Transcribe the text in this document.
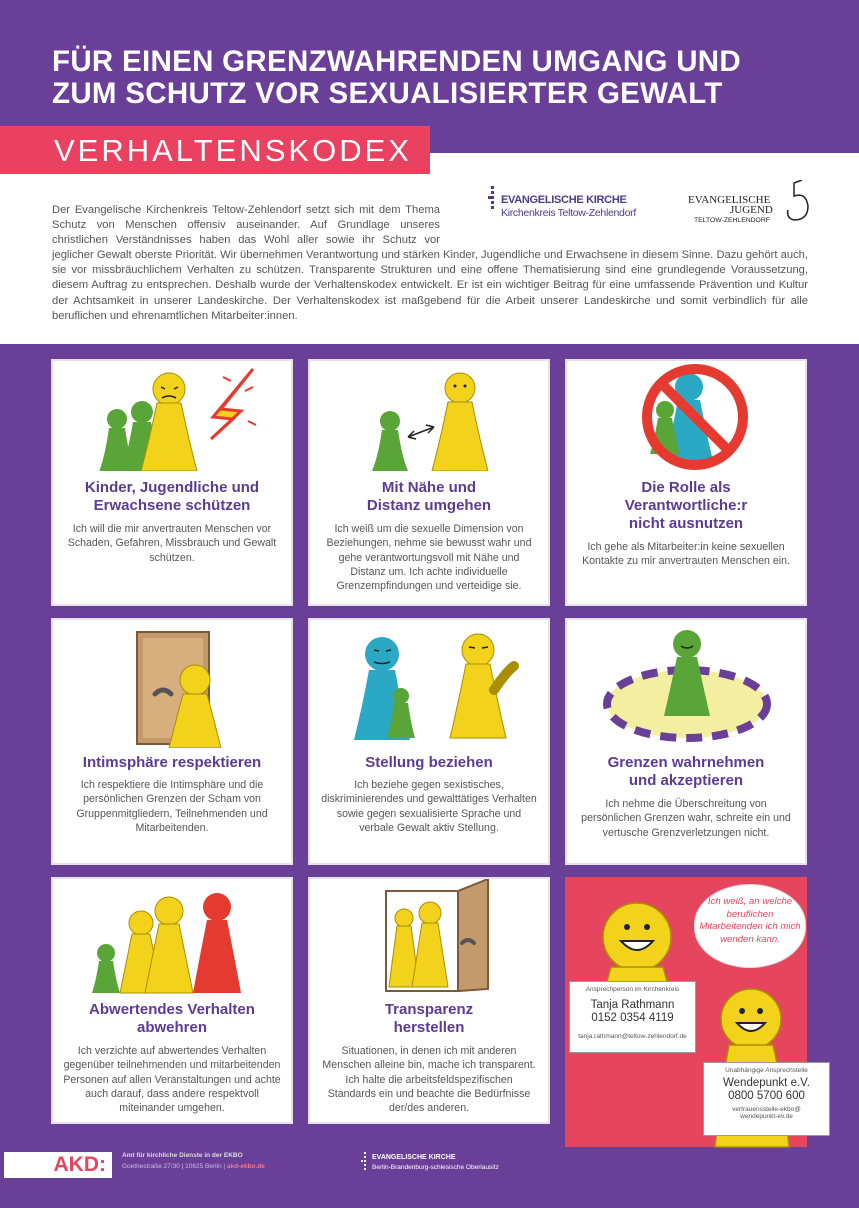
FÜR EINEN GRENZWAHRENDEN UMGANG UND
ZUM SCHUTZ VOR SEXUALISIERTER GEWALT
VERHALTENSKODEX
EVANGELISCHE KIRCHE
Kirchenkreis Teltow-Zehlendorf
EVANGELISCHE
JUGEND
TELTOW-ZEHLENDORF
Der Evangelische Kirchenkreis Teltow-Zehlendorf setzt sich mit dem Thema Schutz von Menschen offensiv auseinander. Auf Grundlage unseres christlichen Verständnisses haben das Wohl aller sowie ihr Schutz vor jeglicher Gewalt oberste Priorität. Wir übernehmen Verantwortung und stärken Kinder, Jugendliche und Erwachsene in diesem Sinne. Dazu gehört auch, sie vor missbräuchlichem Verhalten zu schützen. Transparente Strukturen und eine offene Thematisierung sind eine grundlegende Voraussetzung, diesem Auftrag zu entsprechen. Deshalb wurde der Verhaltenskodex entwickelt. Er ist ein wichtiger Beitrag für eine umfassende Prävention und Kultur der Achtsamkeit in unserer Landeskirche. Der Verhaltenskodex ist maßgebend für die Arbeit unserer Landeskirche und somit verbindlich für alle beruflichen und ehrenamtlichen Mitarbeiter:innen.
Kinder, Jugendliche und
Erwachsene schützen
Ich will die mir anvertrauten Menschen vor Schaden, Gefahren, Missbrauch und Gewalt schützen.
Mit Nähe und
Distanz umgehen
Ich weiß um die sexuelle Dimension von Beziehungen, nehme sie bewusst wahr und gehe verantwortungsvoll mit Nähe und Distanz um. Ich achte individuelle Grenzempfindungen und verteidige sie.
Die Rolle als
Verantwortliche:r
nicht ausnutzen
Ich gehe als Mitarbeiter:in keine sexuellen Kontakte zu mir anvertrauten Menschen ein.
Intimsphäre respektieren
Ich respektiere die Intimsphäre und die persönlichen Grenzen der Scham von Gruppenmitgliedern, Teilnehmenden und Mitarbeitenden.
Stellung beziehen
Ich beziehe gegen sexistisches, diskriminierendes und gewalttätiges Verhalten sowie gegen sexualisierte Sprache und verbale Gewalt aktiv Stellung.
Grenzen wahrnehmen
und akzeptieren
Ich nehme die Überschreitung von persönlichen Grenzen wahr, schreite ein und vertusche Grenzverletzungen nicht.
Abwertendes Verhalten
abwehren
Ich verzichte auf abwertendes Verhalten gegenüber teilnehmenden und mitarbeitenden Personen auf allen Veranstaltungen und achte auch darauf, dass andere respektvoll miteinander umgehen.
Transparenz
herstellen
Situationen, in denen ich mit anderen Menschen alleine bin, mache ich transparent. Ich halte die arbeitsfeldspezifischen Standards ein und beachte die Bedürfnisse der/des anderen.
Ich weiß, an welche beruflichen Mitarbeitenden ich mich wenden kann.
Ansprechperson im Kirchenkreis
Tanja Rathmann
0152 0354 4119
tanja.rathmann@teltow-zehlendorf.de
Unabhängige Ansprechstelle
Wendepunkt e.V.
0800 5700 600
vertrauensstelle-ekbo@
wendepunkt-ev.de
AKD: Amt für kirchliche Dienste in der EKBO
Goethestraße 27/30 | 10625 Berlin | akd-ekbo.de
EVANGELISCHE KIRCHE
Berlin-Brandenburg-schlesische Oberlausitz
